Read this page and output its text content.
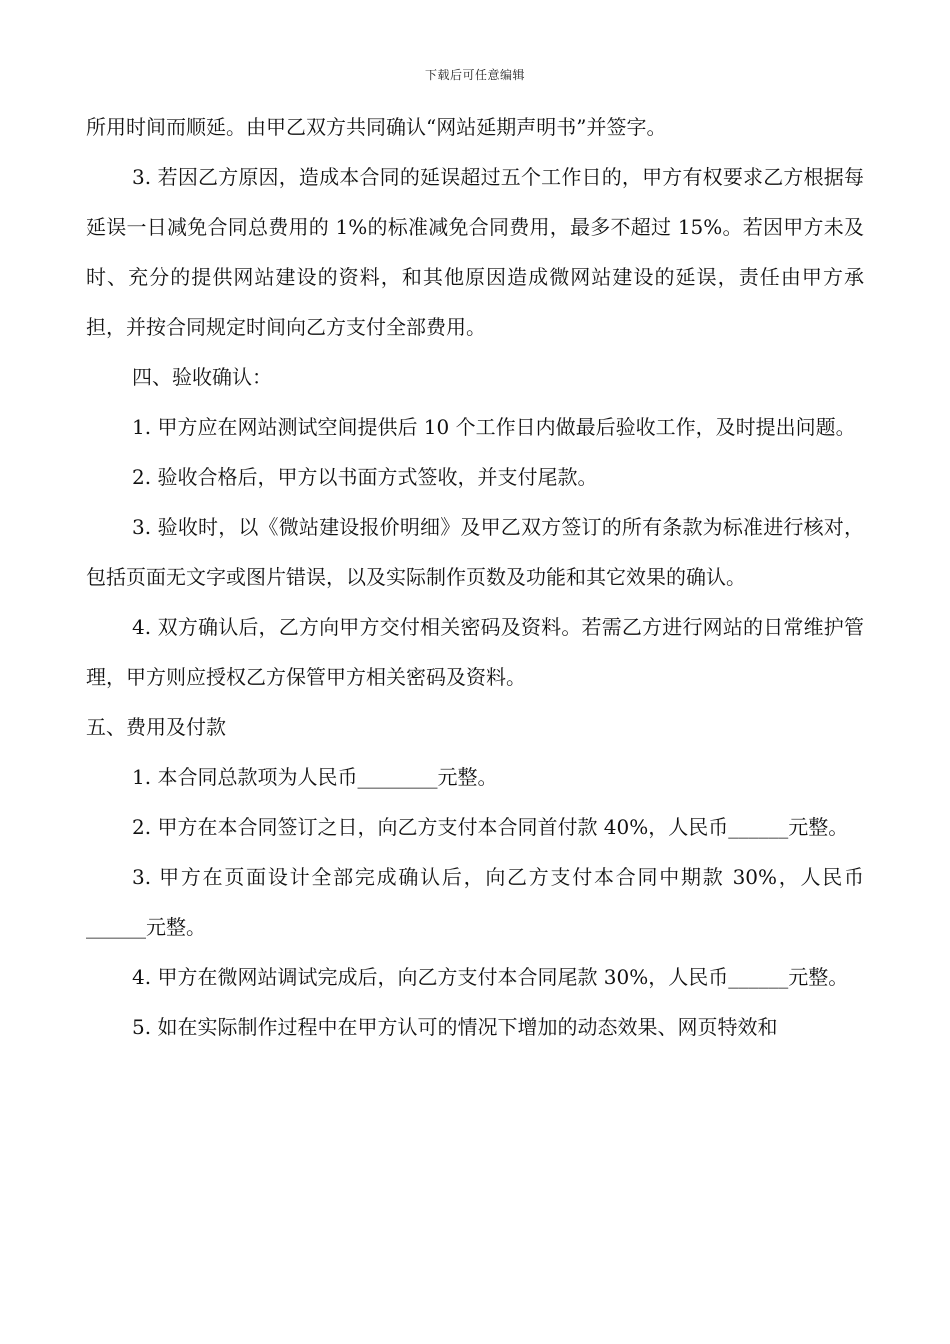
下载后可任意编辑

所用时间而顺延。由甲乙双方共同确认“网站延期声明书”并签字。

3. 若因乙方原因，造成本合同的延误超过五个工作日的，甲方有权要求乙方根据每延误一日减免合同总费用的 1%的标准减免合同费用，最多不超过 15%。若因甲方未及时、充分的提供网站建设的资料，和其他原因造成微网站建设的延误，责任由甲方承担，并按合同规定时间向乙方支付全部费用。

四、验收确认：

1. 甲方应在网站测试空间提供后 10 个工作日内做最后验收工作，及时提出问题。

2. 验收合格后，甲方以书面方式签收，并支付尾款。

3. 验收时，以《微站建设报价明细》及甲乙双方签订的所有条款为标准进行核对，包括页面无文字或图片错误，以及实际制作页数及功能和其它效果的确认。

4. 双方确认后，乙方向甲方交付相关密码及资料。若需乙方进行网站的日常维护管理，甲方则应授权乙方保管甲方相关密码及资料。

五、费用及付款

1. 本合同总款项为人民币________元整。

2. 甲方在本合同签订之日，向乙方支付本合同首付款 40%，人民币______元整。

3. 甲方在页面设计全部完成确认后，向乙方支付本合同中期款 30%，人民币______元整。

4. 甲方在微网站调试完成后，向乙方支付本合同尾款 30%，人民币______元整。

5. 如在实际制作过程中在甲方认可的情况下增加的动态效果、网页特效和
